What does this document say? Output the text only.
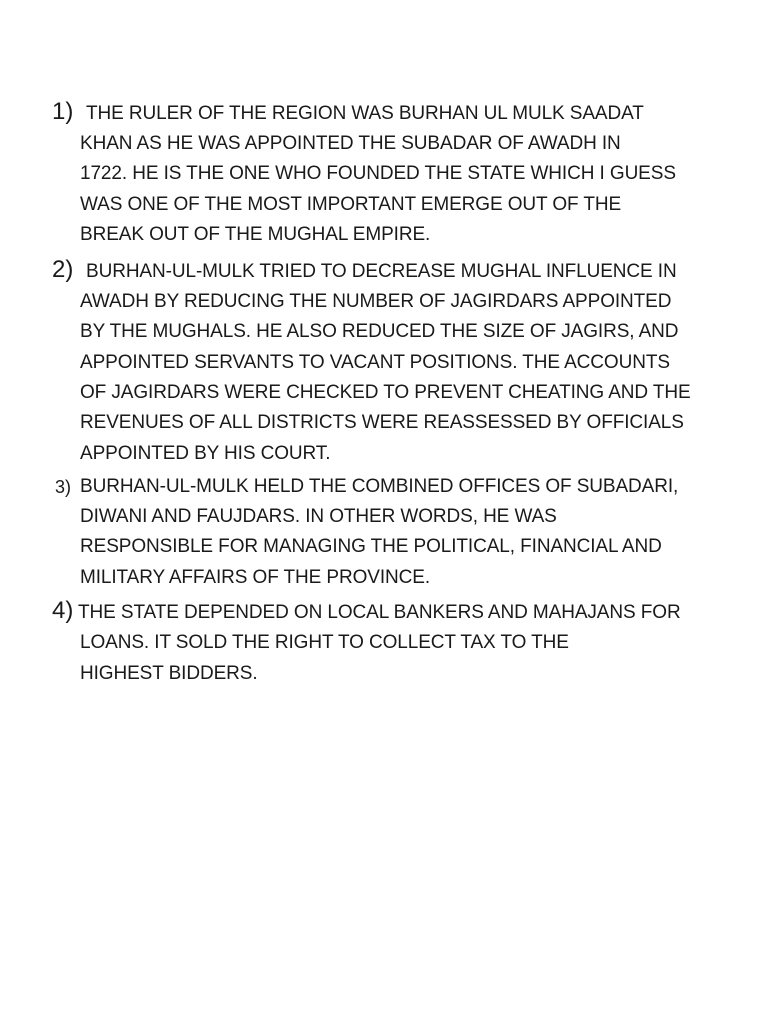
1) THE RULER OF THE REGION WAS BURHAN UL MULK SAADAT
KHAN AS HE WAS APPOINTED THE SUBADAR OF AWADH IN
1722. HE IS THE ONE WHO FOUNDED THE STATE WHICH I GUESS
WAS ONE OF THE MOST IMPORTANT EMERGE OUT OF THE
BREAK OUT OF THE MUGHAL EMPIRE.
2) BURHAN-UL-MULK TRIED TO DECREASE MUGHAL INFLUENCE IN
AWADH BY REDUCING THE NUMBER OF JAGIRDARS APPOINTED
BY THE MUGHALS. HE ALSO REDUCED THE SIZE OF JAGIRS, AND
APPOINTED SERVANTS TO VACANT POSITIONS. THE ACCOUNTS
OF JAGIRDARS WERE CHECKED TO PREVENT CHEATING AND THE
REVENUES OF ALL DISTRICTS WERE REASSESSED BY OFFICIALS
APPOINTED BY HIS COURT.
3) BURHAN-UL-MULK HELD THE COMBINED OFFICES OF SUBADARI,
DIWANI AND FAUJDARS. IN OTHER WORDS, HE WAS
RESPONSIBLE FOR MANAGING THE POLITICAL, FINANCIAL AND
MILITARY AFFAIRS OF THE PROVINCE.
4) THE STATE DEPENDED ON LOCAL BANKERS AND MAHAJANS FOR
LOANS. IT SOLD THE RIGHT TO COLLECT TAX TO THE
HIGHEST BIDDERS.
